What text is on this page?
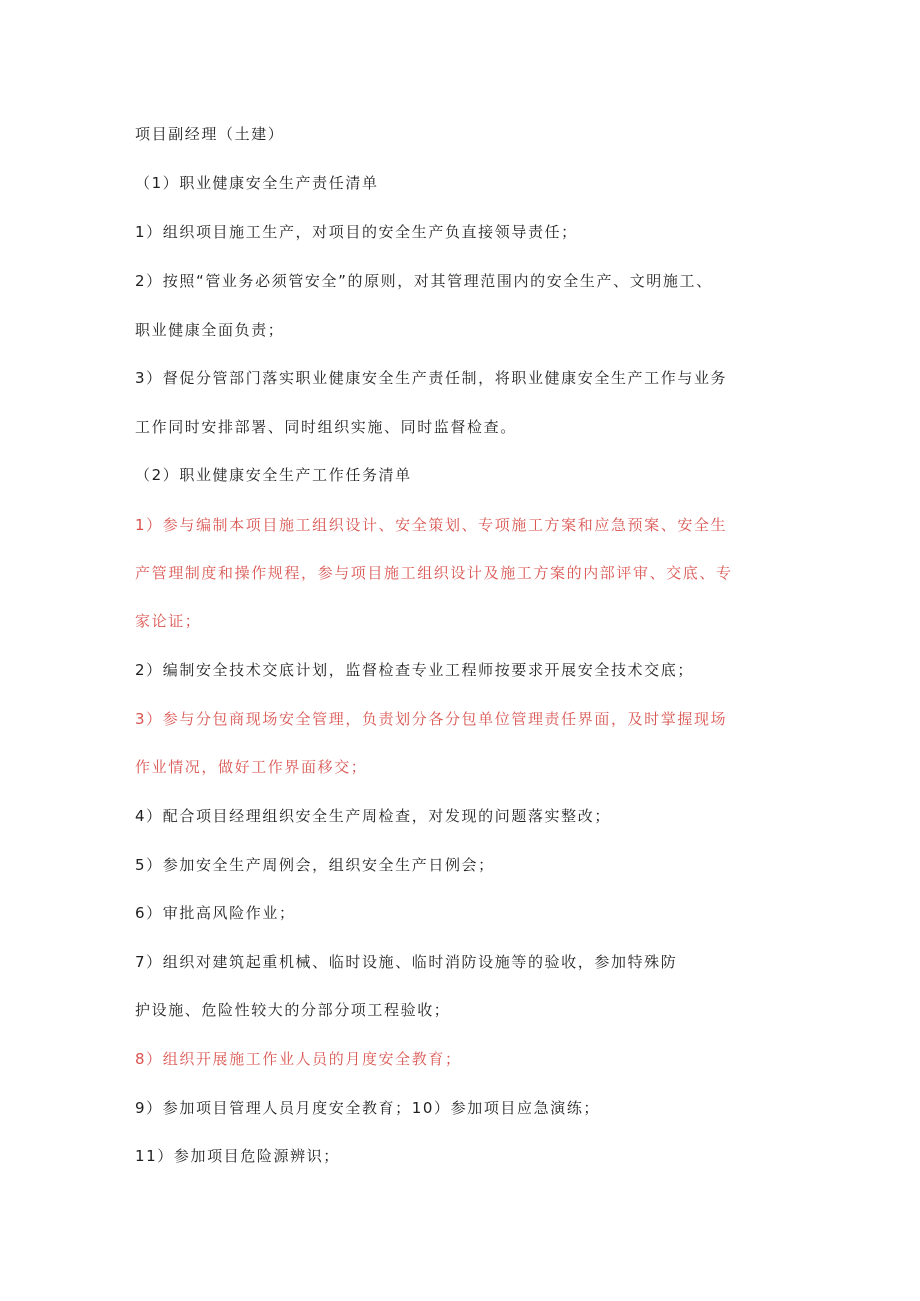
项目副经理（土建）

（1）职业健康安全生产责任清单

1）组织项目施工生产，对项目的安全生产负直接领导责任；

2）按照“管业务必须管安全”的原则，对其管理范围内的安全生产、文明施工、

职业健康全面负责；

3）督促分管部门落实职业健康安全生产责任制，将职业健康安全生产工作与业务

工作同时安排部署、同时组织实施、同时监督检查。

（2）职业健康安全生产工作任务清单

1）参与编制本项目施工组织设计、安全策划、专项施工方案和应急预案、安全生

产管理制度和操作规程，参与项目施工组织设计及施工方案的内部评审、交底、专

家论证；

2）编制安全技术交底计划，监督检查专业工程师按要求开展安全技术交底；

3）参与分包商现场安全管理，负责划分各分包单位管理责任界面，及时掌握现场

作业情况，做好工作界面移交；

4）配合项目经理组织安全生产周检查，对发现的问题落实整改；

5）参加安全生产周例会，组织安全生产日例会；

6）审批高风险作业；

7）组织对建筑起重机械、临时设施、临时消防设施等的验收，参加特殊防

护设施、危险性较大的分部分项工程验收；

8）组织开展施工作业人员的月度安全教育；

9）参加项目管理人员月度安全教育；10）参加项目应急演练；

11）参加项目危险源辨识；
